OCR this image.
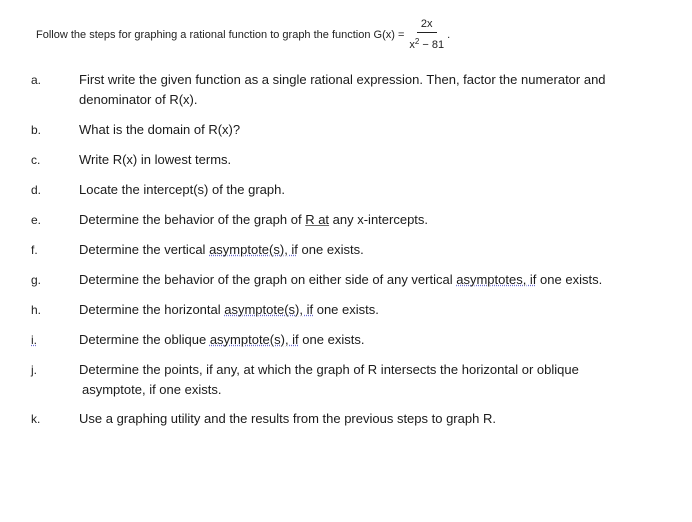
Follow the steps for graphing a rational function to graph the function $G(x) = \frac{2x}{x^2 - 81}$ .
a.	First write the given function as a single rational expression. Then, factor the numerator and
denominator of R(x).
b.	What is the domain of R(x)?
c.	Write R(x) in lowest terms.
d.	Locate the intercept(s) of the graph.
e.	Determine the behavior of the graph of R at any x-intercepts.
f.	Determine the vertical asymptote(s), if one exists.
g.	Determine the behavior of the graph on either side of any vertical asymptotes, if one exists.
h.	Determine the horizontal asymptote(s), if one exists.
i.	Determine the oblique asymptote(s), if one exists.
j.	Determine the points, if any, at which the graph of R intersects the horizontal or oblique
asymptote, if one exists.
k.	Use a graphing utility and the results from the previous steps to graph R.
